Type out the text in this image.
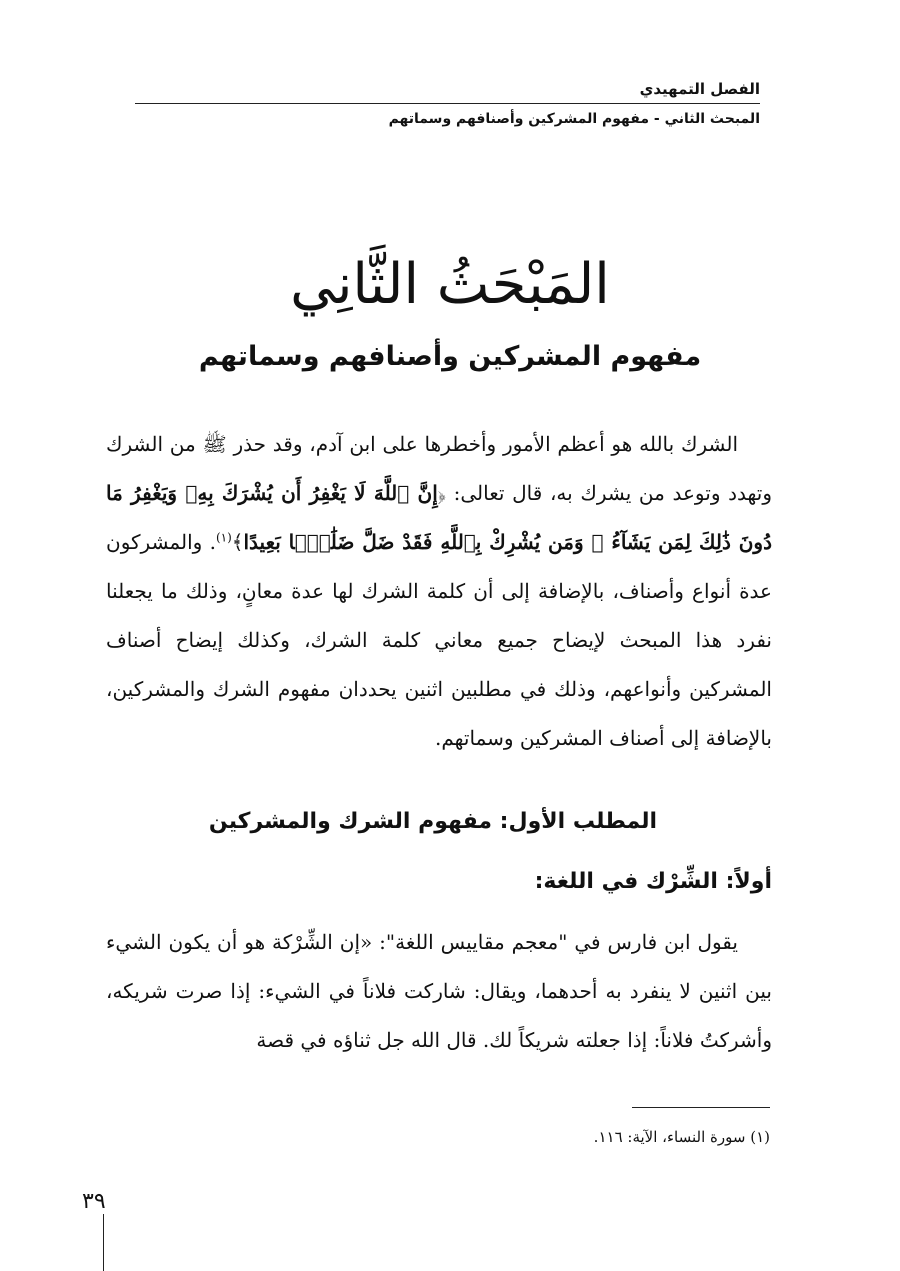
الفصل التمهيدي
المبحث الثاني - مفهوم المشركين وأصنافهم وسماتهم
المَبْحَثُ الثَّانِي
مفهوم المشركين وأصنافهم وسماتهم

الشرك بالله هو أعظم الأمور وأخطرها على ابن آدم، وقد حذر ﷺ من الشرك وتهدد وتوعد من يشرك به، قال تعالى: ﴿إِنَّ ٱللَّهَ لَا يَغْفِرُ أَن يُشْرَكَ بِهِۦ وَيَغْفِرُ مَا دُونَ ذَٰلِكَ لِمَن يَشَآءُ ۚ وَمَن يُشْرِكْ بِٱللَّهِ فَقَدْ ضَلَّ ضَلَٰلًۢا بَعِيدًا﴾$^{(١)}$. والمشركون عدة أنواع وأصناف، بالإضافة إلى أن كلمة الشرك لها عدة معانٍ، وذلك ما يجعلنا نفرد هذا المبحث لإيضاح جميع معاني كلمة الشرك، وكذلك إيضاح أصناف المشركين وأنواعهم، وذلك في مطلبين اثنين يحددان مفهوم الشرك والمشركين، بالإضافة إلى أصناف المشركين وسماتهم.

المطلب الأول: مفهوم الشرك والمشركين
أولاً: الشِّرْك في اللغة:

يقول ابن فارس في "معجم مقاييس اللغة": «إن الشِّرْكة هو أن يكون الشيء بين اثنين لا ينفرد به أحدهما، ويقال: شاركت فلاناً في الشيء: إذا صرت شريكه، وأشركتُ فلاناً: إذا جعلته شريكاً لك. قال الله جل ثناؤه في قصة

(١) سورة النساء، الآية: ١١٦.
٣٩
